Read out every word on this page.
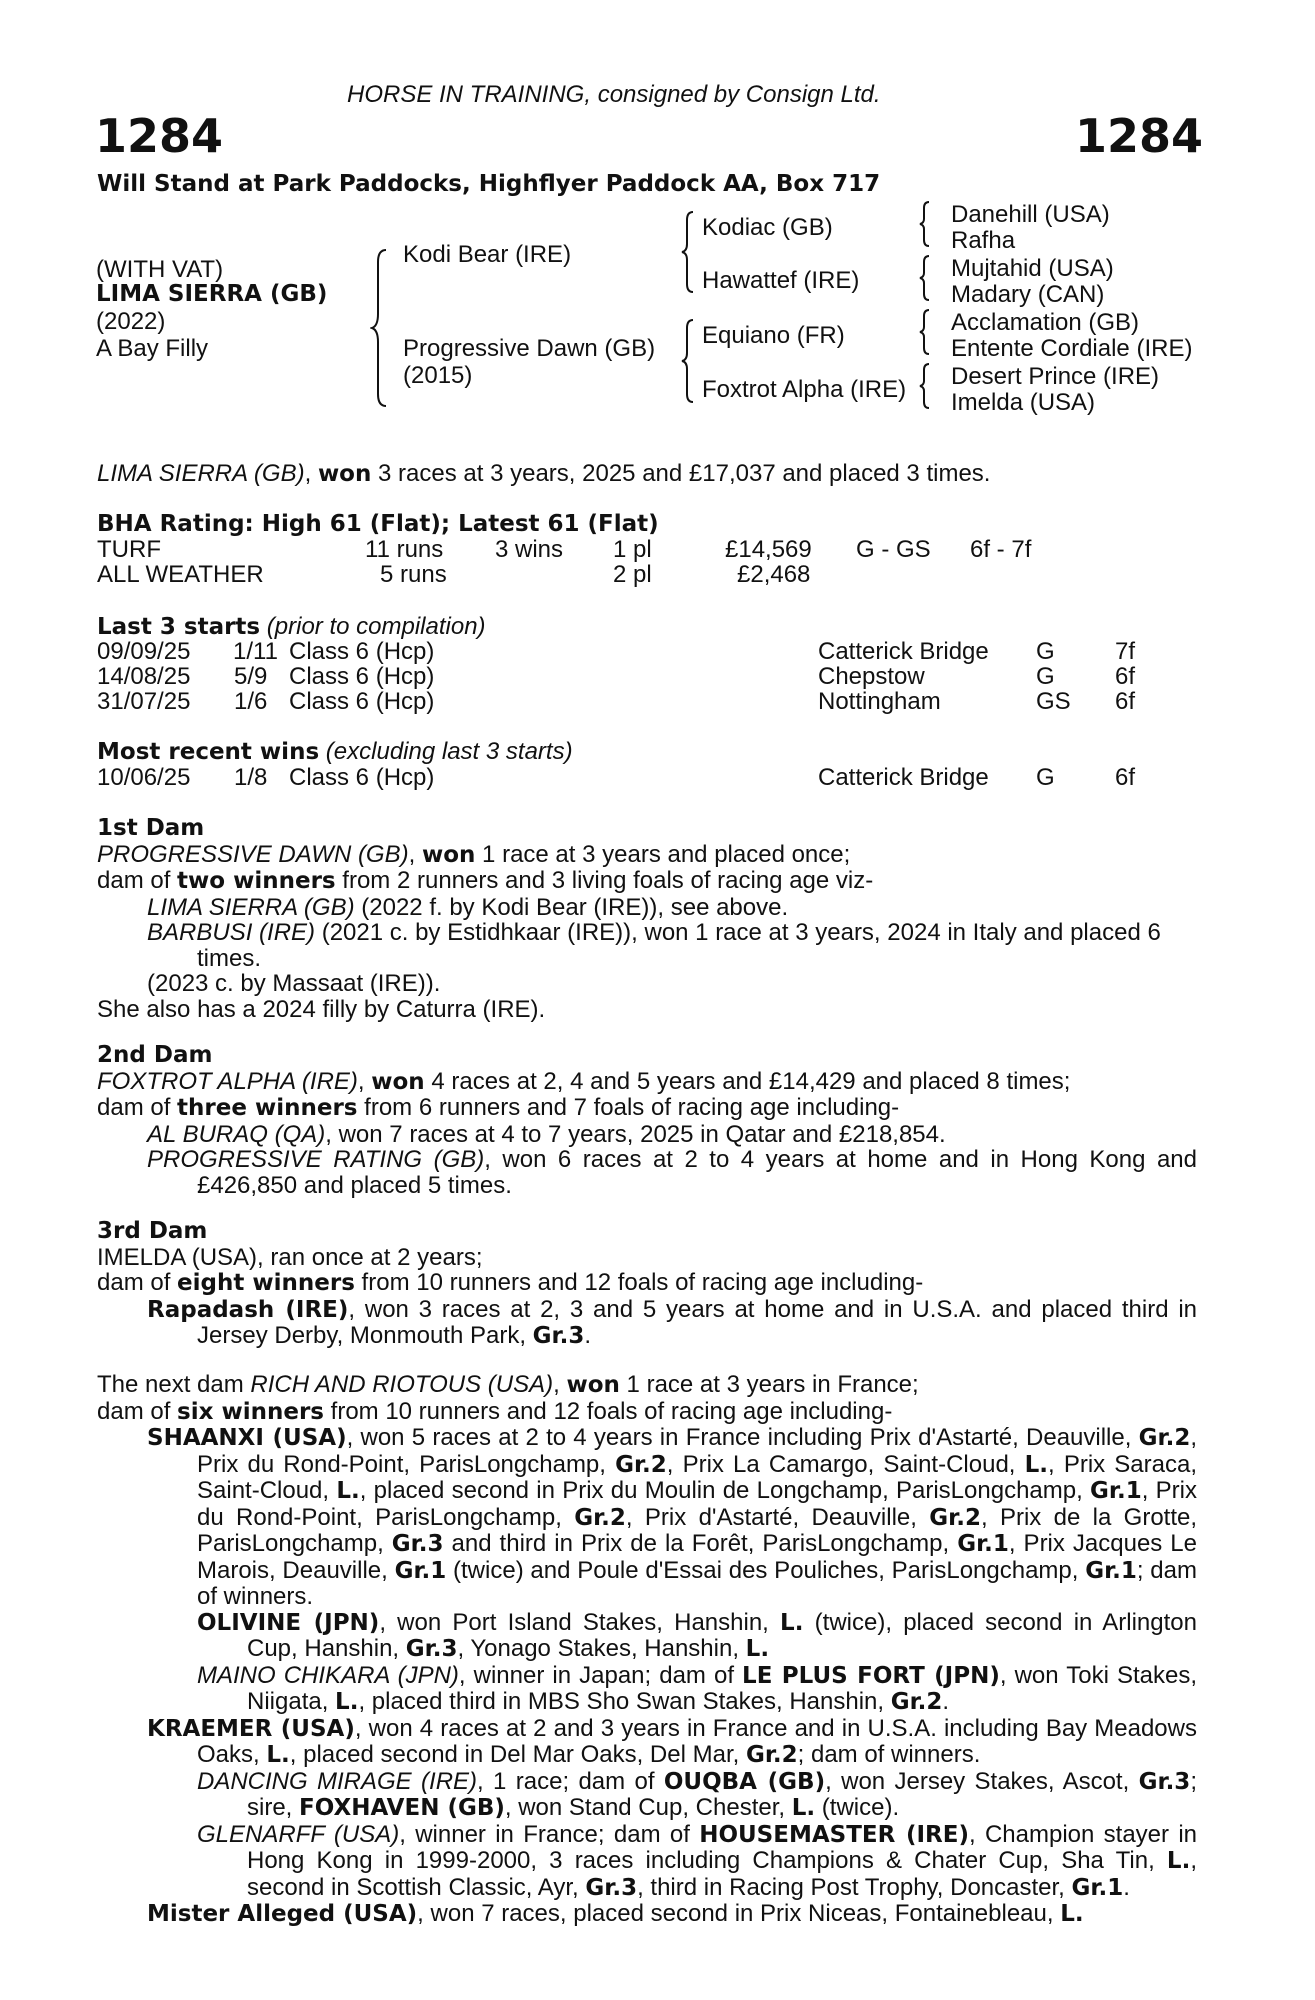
HORSE IN TRAINING, consigned by Consign Ltd.
1284	1284
Will Stand at Park Paddocks, Highflyer Paddock AA, Box 717
(WITH VAT)
LIMA SIERRA (GB)
(2022)
A Bay Filly
Kodi Bear (IRE)
Progressive Dawn (GB)
(2015)
Kodiac (GB)
Hawattef (IRE)
Equiano (FR)
Foxtrot Alpha (IRE)
Danehill (USA)
Rafha
Mujtahid (USA)
Madary (CAN)
Acclamation (GB)
Entente Cordiale (IRE)
Desert Prince (IRE)
Imelda (USA)
LIMA SIERRA (GB), won 3 races at 3 years, 2025 and £17,037 and placed 3 times.
BHA Rating: High 61 (Flat); Latest 61 (Flat)
TURF	11 runs 3 wins 1 pl	£14,569 G - GS 6f - 7f
ALL WEATHER	5 runs	2 pl	£2,468
Last 3 starts (prior to compilation)
09/09/25 1/11 Class 6 (Hcp)	Catterick Bridge G	7f
14/08/25 5/9 Class 6 (Hcp)	Chepstow	G	6f
31/07/25 1/6 Class 6 (Hcp)	Nottingham	GS 6f
Most recent wins (excluding last 3 starts)
10/06/25 1/8 Class 6 (Hcp)	Catterick Bridge G	6f

1st Dam

PROGRESSIVE DAWN (GB), won 1 race at 3 years and placed once;

dam of two winners from 2 runners and 3 living foals of racing age viz-

LIMA SIERRA (GB) (2022 f. by Kodi Bear (IRE)), see above.

BARBUSI (IRE) (2021 c. by Estidhkaar (IRE)), won 1 race at 3 years, 2024 in Italy and placed 6 times.

(2023 c. by Massaat (IRE)).

She also has a 2024 filly by Caturra (IRE).

2nd Dam

FOXTROT ALPHA (IRE), won 4 races at 2, 4 and 5 years and £14,429 and placed 8 times;

dam of three winners from 6 runners and 7 foals of racing age including-

AL BURAQ (QA), won 7 races at 4 to 7 years, 2025 in Qatar and £218,854.

PROGRESSIVE RATING (GB), won 6 races at 2 to 4 years at home and in Hong Kong and £426,850 and placed 5 times.

3rd Dam

IMELDA (USA), ran once at 2 years;

dam of eight winners from 10 runners and 12 foals of racing age including-

Rapadash (IRE), won 3 races at 2, 3 and 5 years at home and in U.S.A. and placed third in Jersey Derby, Monmouth Park, Gr.3.

The next dam RICH AND RIOTOUS (USA), won 1 race at 3 years in France;

dam of six winners from 10 runners and 12 foals of racing age including-

SHAANXI (USA), won 5 races at 2 to 4 years in France including Prix d'Astarté, Deauville, Gr.2, Prix du Rond-Point, ParisLongchamp, Gr.2, Prix La Camargo, Saint-Cloud, L., Prix Saraca, Saint-Cloud, L., placed second in Prix du Moulin de Longchamp, ParisLongchamp, Gr.1, Prix du Rond-Point, ParisLongchamp, Gr.2, Prix d'Astarté, Deauville, Gr.2, Prix de la Grotte, ParisLongchamp, Gr.3 and third in Prix de la Forêt, ParisLongchamp, Gr.1, Prix Jacques Le Marois, Deauville, Gr.1 (twice) and Poule d'Essai des Pouliches, ParisLongchamp, Gr.1; dam of winners.

OLIVINE (JPN), won Port Island Stakes, Hanshin, L. (twice), placed second in Arlington Cup, Hanshin, Gr.3, Yonago Stakes, Hanshin, L.

MAINO CHIKARA (JPN), winner in Japan; dam of LE PLUS FORT (JPN), won Toki Stakes, Niigata, L., placed third in MBS Sho Swan Stakes, Hanshin, Gr.2.

KRAEMER (USA), won 4 races at 2 and 3 years in France and in U.S.A. including Bay Meadows Oaks, L., placed second in Del Mar Oaks, Del Mar, Gr.2; dam of winners.

DANCING MIRAGE (IRE), 1 race; dam of OUQBA (GB), won Jersey Stakes, Ascot, Gr.3; sire, FOXHAVEN (GB), won Stand Cup, Chester, L. (twice).

GLENARFF (USA), winner in France; dam of HOUSEMASTER (IRE), Champion stayer in Hong Kong in 1999-2000, 3 races including Champions & Chater Cup, Sha Tin, L., second in Scottish Classic, Ayr, Gr.3, third in Racing Post Trophy, Doncaster, Gr.1.

Mister Alleged (USA), won 7 races, placed second in Prix Niceas, Fontainebleau, L.
